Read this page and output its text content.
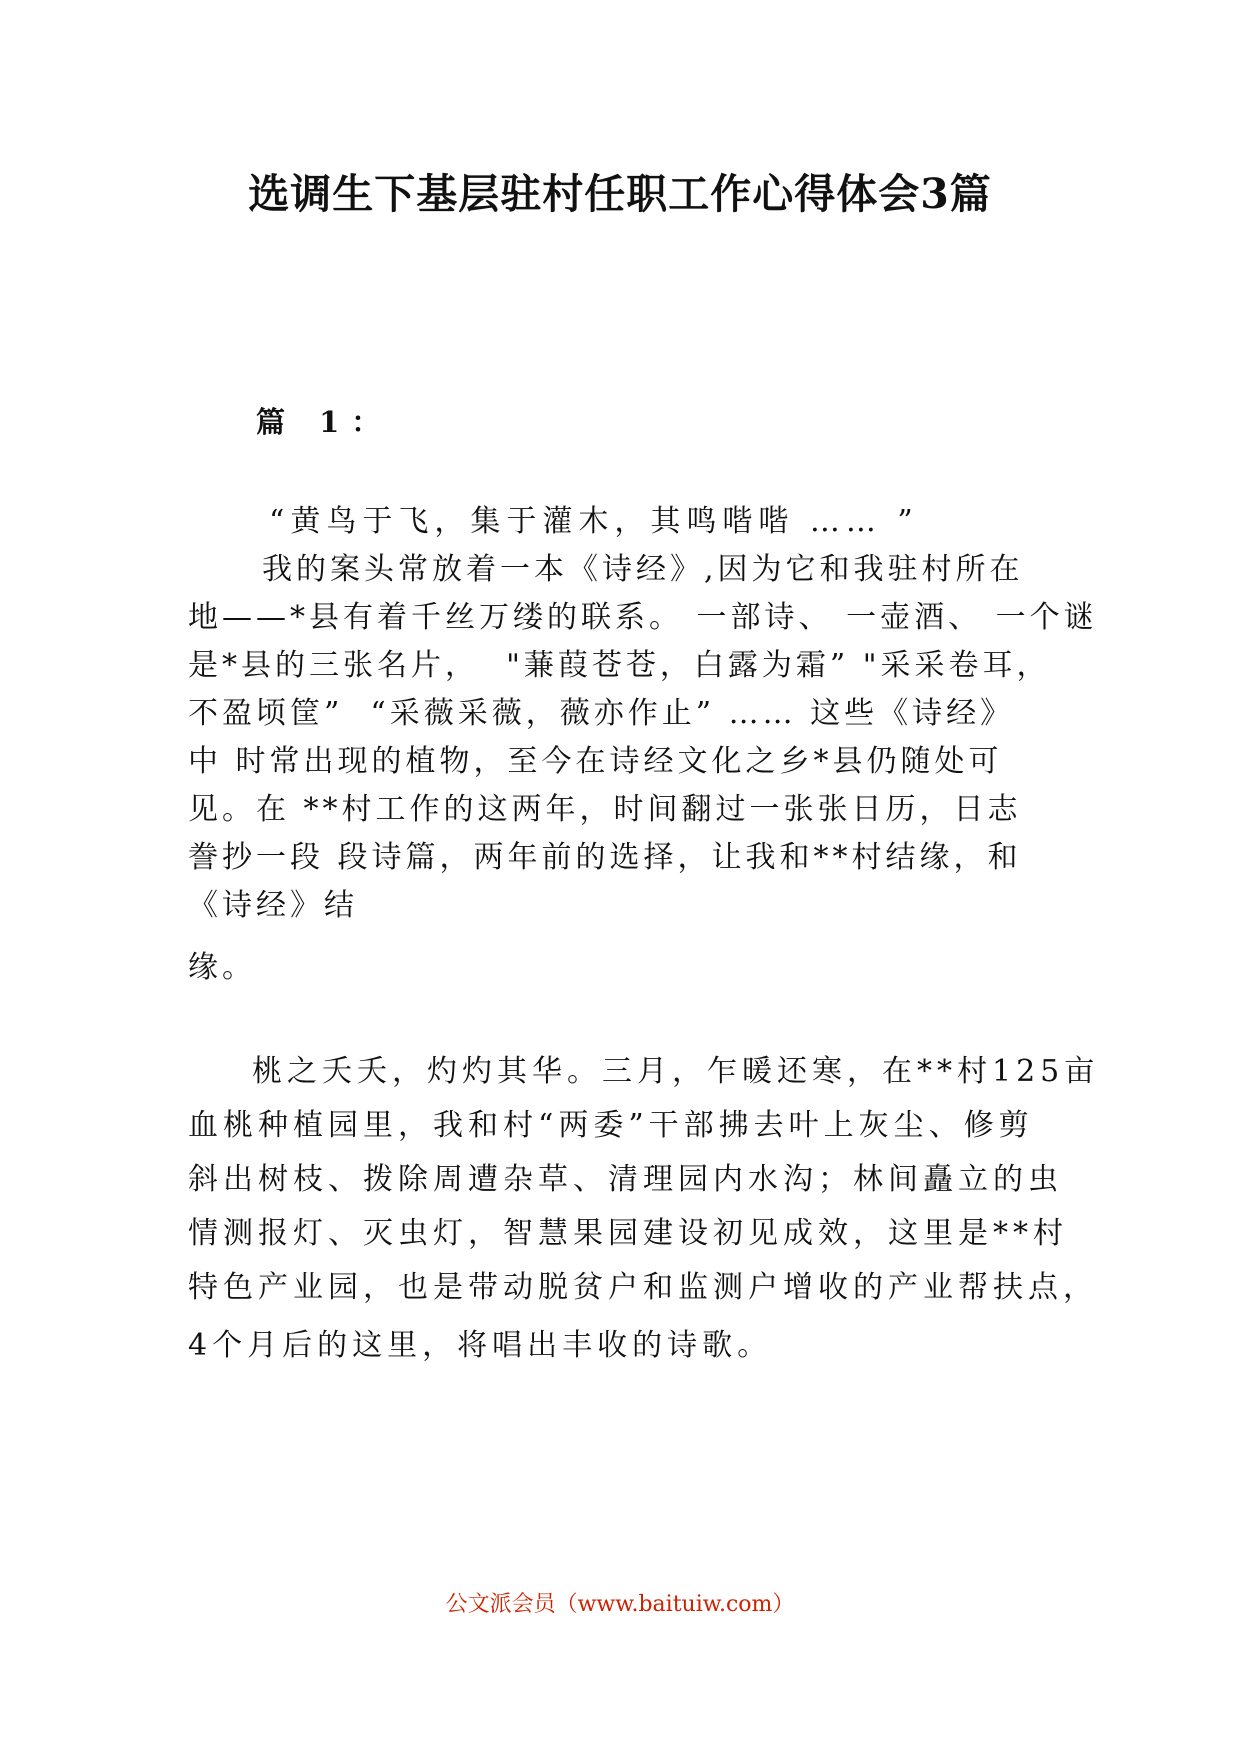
选调生下基层驻村任职工作心得体会3篇
篇 1：
“黄鸟于飞，集于灌木，其鸣喈喈 …… ”
我的案头常放着一本《诗经》,因为它和我驻村所在
地——*县有着千丝万缕的联系。 一部诗、 一壶酒、 一个谜
是*县的三张名片，  "蒹葭苍苍，白露为霜” "采采卷耳，
不盈顷筐”  “采薇采薇，薇亦作止” …… 这些《诗经》
中 时常出现的植物，至今在诗经文化之乡*县仍随处可
见。在 **村工作的这两年，时间翻过一张张日历，日志
誊抄一段 段诗篇，两年前的选择，让我和**村结缘，和
《诗经》结
缘。
桃之夭夭，灼灼其华。三月，乍暖还寒，在**村125亩
血桃种植园里，我和村“两委”干部拂去叶上灰尘、修剪
斜出树枝、拨除周遭杂草、清理园内水沟；林间矗立的虫
情测报灯、灭虫灯，智慧果园建设初见成效，这里是**村
特色产业园，也是带动脱贫户和监测户增收的产业帮扶点，
4个月后的这里，将唱出丰收的诗歌。
公文派会员（www.baituiw.com）
